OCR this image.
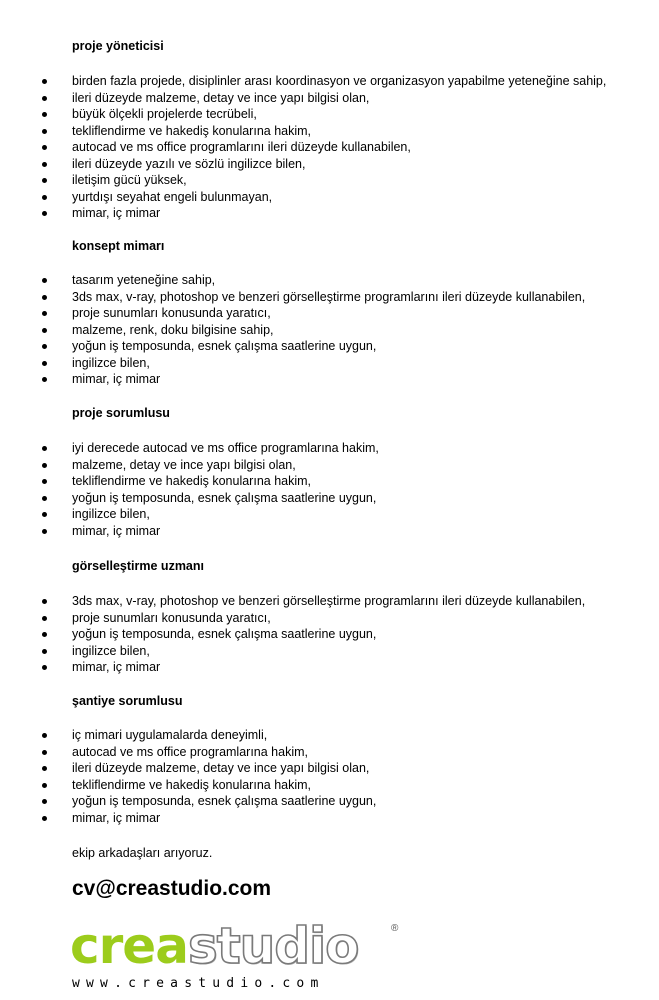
proje yöneticisi
birden fazla projede, disiplinler arası koordinasyon ve organizasyon yapabilme yeteneğine sahip,
ileri düzeyde malzeme, detay ve ince yapı bilgisi olan,
büyük ölçekli projelerde tecrübeli,
tekliflendirme ve hakediş konularına hakim,
autocad ve ms office programlarını ileri düzeyde kullanabilen,
ileri düzeyde yazılı ve sözlü ingilizce bilen,
iletişim gücü yüksek,
yurtdışı seyahat engeli bulunmayan,
mimar, iç mimar
konsept mimarı
tasarım yeteneğine sahip,
3ds max, v-ray, photoshop ve benzeri görselleştirme programlarını ileri düzeyde kullanabilen,
proje sunumları konusunda yaratıcı,
malzeme, renk, doku bilgisine sahip,
yoğun iş temposunda, esnek çalışma saatlerine uygun,
ingilizce bilen,
mimar, iç mimar
proje sorumlusu
iyi derecede autocad ve ms office programlarına hakim,
malzeme, detay ve ince yapı bilgisi olan,
tekliflendirme ve hakediş konularına hakim,
yoğun iş temposunda, esnek çalışma saatlerine uygun,
ingilizce bilen,
mimar, iç mimar
görselleştirme uzmanı
3ds max, v-ray, photoshop ve benzeri görselleştirme programlarını ileri düzeyde kullanabilen,
proje sunumları konusunda yaratıcı,
yoğun iş temposunda, esnek çalışma saatlerine uygun,
ingilizce bilen,
mimar, iç mimar
şantiye sorumlusu
iç mimari uygulamalarda deneyimli,
autocad ve ms office programlarına hakim,
ileri düzeyde malzeme, detay ve ince yapı bilgisi olan,
tekliflendirme ve hakediş konularına hakim,
yoğun iş temposunda, esnek çalışma saatlerine uygun,
mimar, iç mimar
ekip arkadaşları arıyoruz.
cv@creastudio.com
creastudio	®
www.creastudio.com
